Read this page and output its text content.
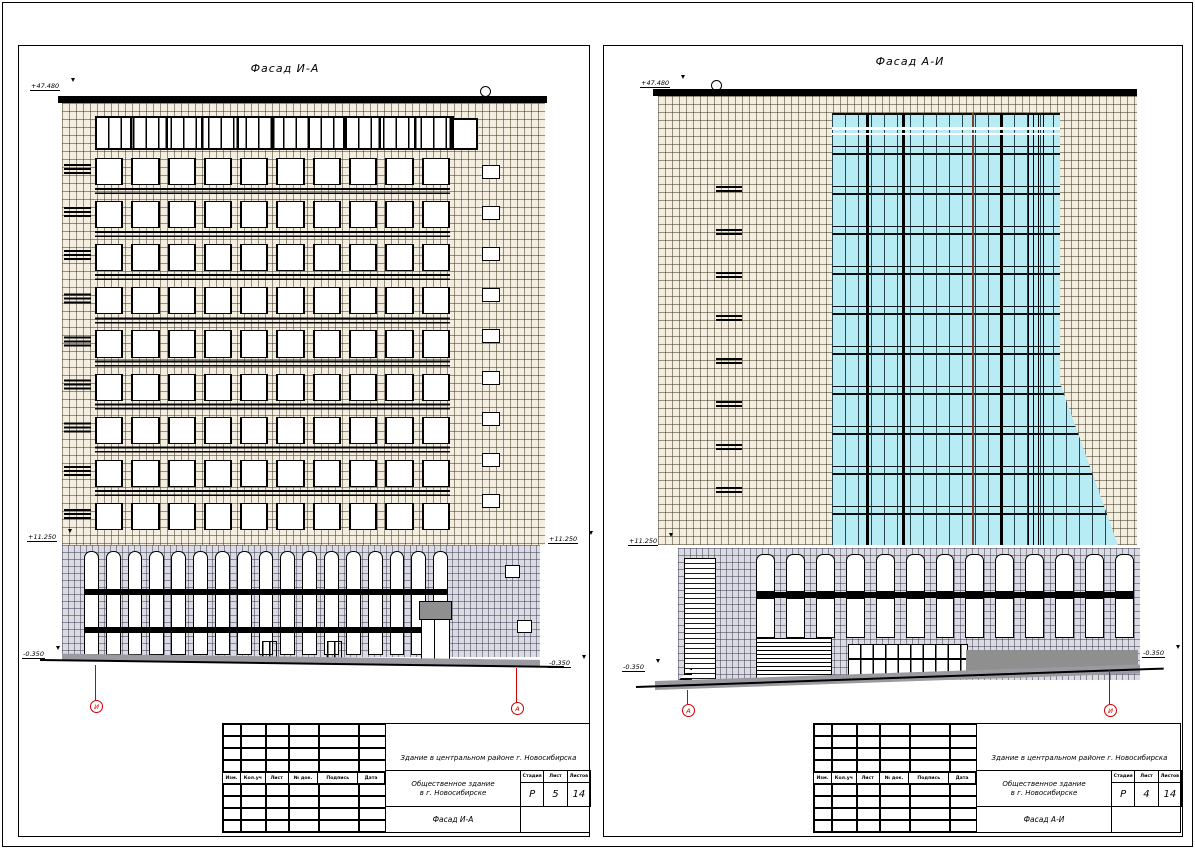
Фасад И-А
+47.480
+11.250
-0.350
+11.250
-0.350
И	А
Изм.	Кол.уч	Лист	№ док.	Подпись	Дата
Здание в центральном районе г. Новосибирска
Общественное здание
в г. Новосибирске
Стадия	Лист	Листов
Р	5	14
Фасад И-А
Фасад А-И
+47.480
+11.250
-0.350
-0.350
А	И
Изм.	Кол.уч	Лист	№ док.	Подпись	Дата
Здание в центральном районе г. Новосибирска
Общественное здание
в г. Новосибирске
Стадия	Лист	Листов
Р	4	14
Фасад А-И
